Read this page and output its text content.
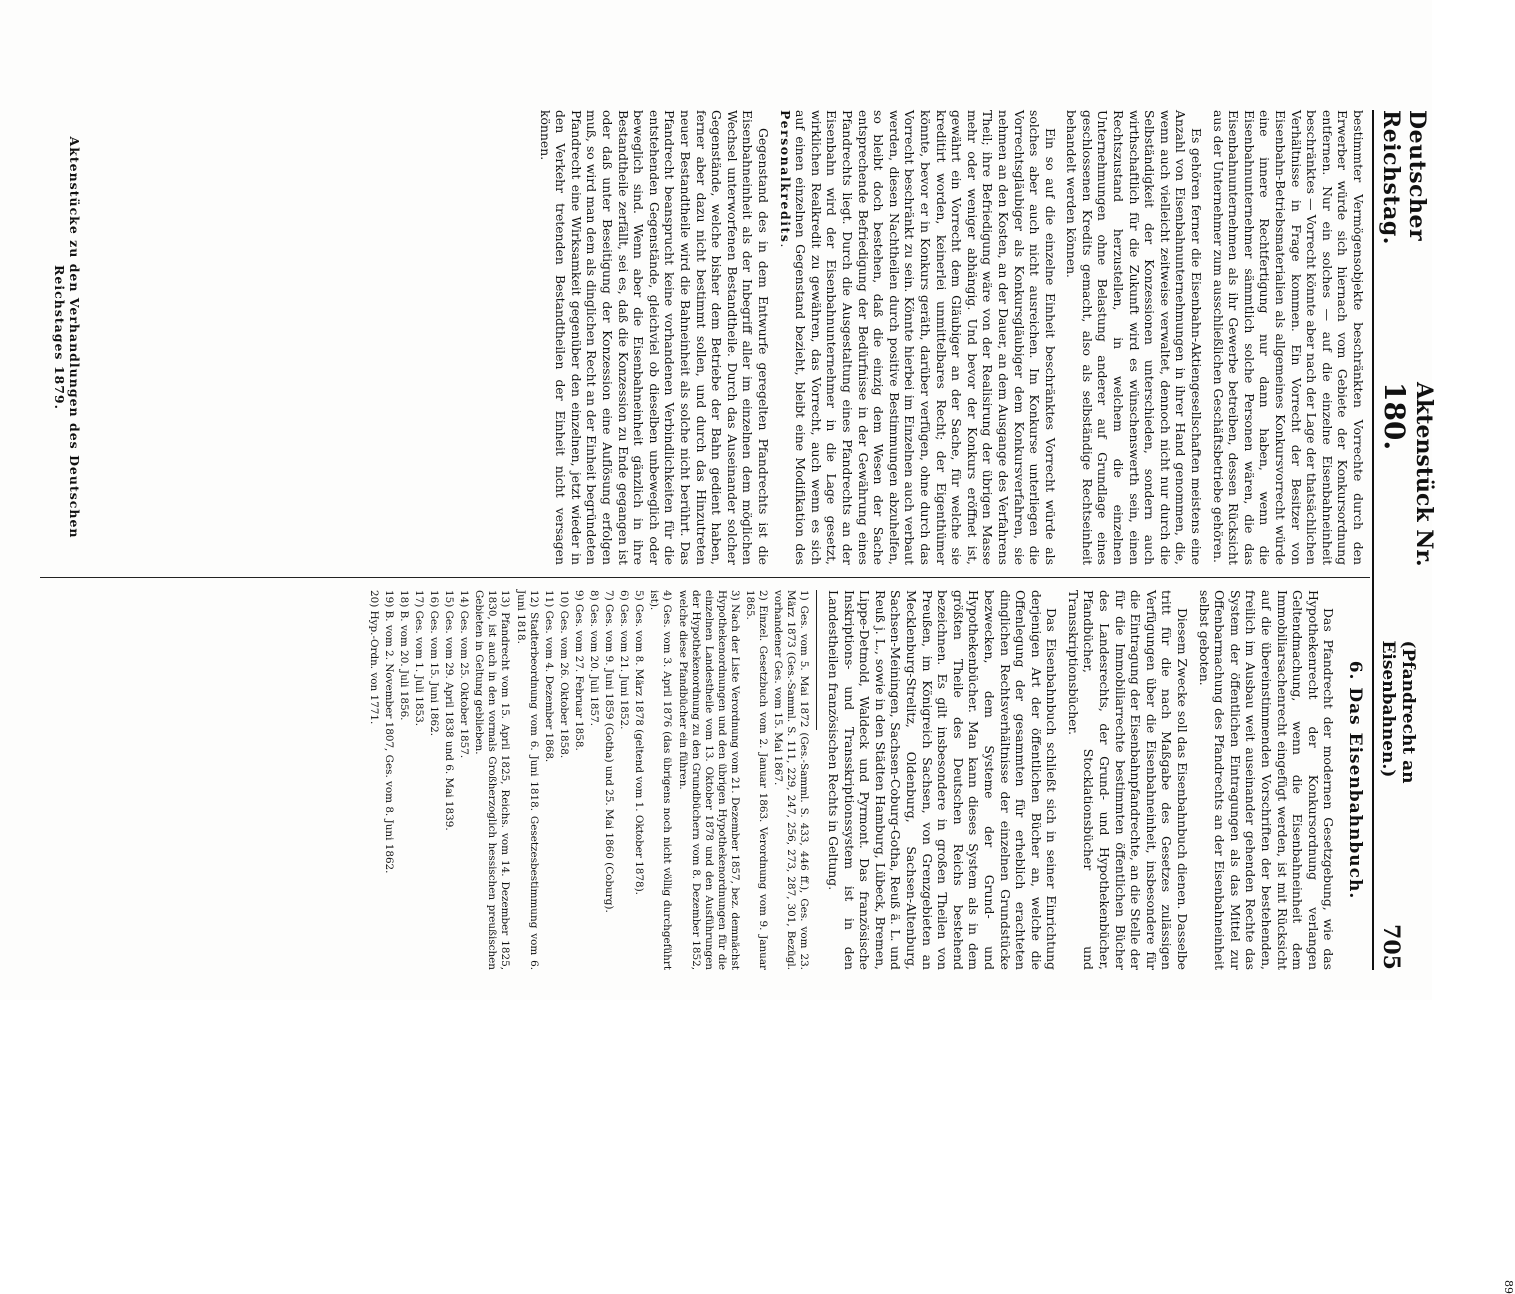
Deutscher Reichstag.
Aktenstück Nr. 180.
(Pfandrecht an Eisenbahnen.)
705

bestimmter Vermögensobjekte beschränkten Vorrechte durch den Erwerber würde sich hiernach vom Gebiete der Konkursordnung entfernen. Nur ein solches — auf die einzelne Eisenbahneinheit beschränktes — Vorrecht könnte aber nach der Lage der thatsächlichen Verhältnisse in Frage kommen. Ein Vorrecht der Besitzer von Eisenbahn-Betriebsmaterialien als allgemeines Konkursvorrecht würde eine innere Rechtfertigung nur dann haben, wenn die Eisenbahnunternehmer sämmtlich solche Personen wären, die das Eisenbahnunternehmen als ihr Gewerbe betreiben, dessen Rücksicht aus der Unternehmer zum ausschließlichen Geschäftsbetriebe gehören.

Es gehören ferner die Eisenbahn-Aktiengesellschaften meistens eine Anzahl von Eisenbahnunternehmungen in ihrer Hand genommen, die, wenn auch vielleicht zeitweise verwaltet, dennoch nicht nur durch die Selbständigkeit der Konzessionen unterschieden, sondern auch wirthschaftlich für die Zukunft wird es wünschenswerth sein, einen Rechtszustand herzustellen, in welchem die einzelnen Unternehmungen ohne Belastung anderer auf Grundlage eines geschlossenen Kredits gemacht, also als selbständige Rechtseinheit behandelt werden können.

Ein so auf die einzelne Einheit beschränktes Vorrecht würde als solches aber auch nicht ausreichen. Im Konkurse unterliegen die Vorrechtsgläubiger als Konkursgläubiger dem Konkursverfahren, sie nehmen an den Kosten, an der Dauer, an dem Ausgange des Verfahrens Theil; ihre Befriedigung wäre von der Realisirung der übrigen Masse mehr oder weniger abhängig. Und bevor der Konkurs eröffnet ist, gewährt ein Vorrecht dem Gläubiger an der Sache, für welche sie kreditirt worden, keinerlei unmittelbares Recht; der Eigenthümer könnte, bevor er in Konkurs geräth, darüber verfügen, ohne durch das Vorrecht beschränkt zu sein. Könnte hierbei im Einzelnen auch verbaut werden, diesen Nachtheilen durch positive Bestimmungen abzuhelfen, so bleibt doch bestehen, daß die einzig dem Wesen der Sache entsprechende Befriedigung der Bedürfnisse in der Gewährung eines Pfandrechts liegt. Durch die Ausgestaltung eines Pfandrechts an der Eisenbahn wird der Eisenbahnunternehmer in die Lage gesetzt, wirklichen Realkredit zu gewähren, das Vorrecht, auch wenn es sich auf einen einzelnen Gegenstand bezieht, bleibt eine Modifikation des Personalkredits.

Gegenstand des in dem Entwurfe geregelten Pfandrechts ist die Eisenbahneinheit als der Inbegriff aller im einzelnen dem möglichen Wechsel unterworfenen Bestandtheile. Durch das Auseinander solcher Gegenstände, welche bisher dem Betriebe der Bahn gedient haben, ferner aber dazu nicht bestimmt sollen, und durch das Hinzutreten neuer Bestandtheile wird die Bahneinheit als solche nicht berührt. Das Pfandrecht beansprucht keine vorhandenen Verbindlichkeiten für die entstehenden Gegenstände, gleichviel ob dieselben unbeweglich oder beweglich sind. Wenn aber die Eisenbahneinheit gänzlich in ihre Bestandtheile zerfällt, sei es, daß die Konzession zu Ende gegangen ist oder daß unter Beseitigung der Konzession eine Auflösung erfolgen muß, so wird man dem als dinglichen Recht an der Einheit begründeten Pfandrecht eine Wirksamkeit gegenüber den einzelnen, jetzt wieder in den Verkehr tretenden Bestandtheilen der Einheit nicht versagen können.

6. Das Eisenbahnbuch.

Das Pfandrecht der modernen Gesetzgebung, wie das Hypothekenrecht der Konkursordnung verlangen Geltendmachung, wenn die Eisenbahneinheit dem Immobiliarsachenrecht eingefügt werden, ist mit Rücksicht auf die übereinstimmenden Vorschriften der bestehenden, freilich im Ausbau weit auseinander gehenden Rechte das System der öffentlichen Eintragungen als das Mittel zur Offenbarmachung des Pfandrechts an der Eisenbahneinheit selbst geboten.

Diesem Zwecke soll das Eisenbahnbuch dienen. Dasselbe tritt für die nach Maßgabe des Gesetzes zulässigen Verfügungen über die Eisenbahneinheit, insbesondere für die Eintragung der Eisenbahnpfandrechte, an die Stelle der für die Immobiliarrechte bestimmten öffentlichen Bücher des Landesrechts, der Grund- und Hypothekenbücher, Pfandbücher, Stocklationsbücher und Transskriptionsbücher.

Das Eisenbahnbuch schließt sich in seiner Einrichtung derjenigen Art der öffentlichen Bücher an, welche die Offenlegung der gesammten für erheblich erachteten dinglichen Rechtsverhältnisse der einzelnen Grundstücke bezwecken, dem Systeme der Grund- und Hypothekenbücher. Man kann dieses System als in dem größten Theile des Deutschen Reichs bestehend bezeichnen. Es gilt insbesondere in großen Theilen von Preußen, im Königreich Sachsen, von Grenzgebieten an Mecklenburg-Strelitz, Oldenburg, Sachsen-Altenburg, Sachsen-Meiningen, Sachsen-Coburg-Gotha, Reuß ä. L. und Reuß j. L., sowie in den Städten Hamburg, Lübeck, Bremen, Lippe-Detmold, Waldeck und Pyrmont. Das französische Inskriptions- und Transskriptionssystem ist in den Landestheilen französischen Rechts in Geltung.

1) Ges. vom 5. Mai 1872 (Ges.-Samml. S. 433, 446 ff.), Ges. vom 23. März 1873 (Ges.-Samml. S. 111, 229, 247, 256, 273, 287, 301, Bezügl. vorhandener Ges. vom 15. Mai 1867.

2) Einzel. Gesetzbuch vom 2. Januar 1863. Verordnung vom 9. Januar 1865.

3) Nach der Liste Verordnung vom 21. Dezember 1857, bez. demnächst Hypothekenordnungen und den übrigen Hypothekenordnungen für die einzelnen Landestheile vom 13. Oktober 1878 und den Ausführungen der Hypothekenordnung zu den Grundbüchern vom 8. Dezember 1852, welche diese Pfandbücher ein führen.

4) Ges. vom 3. April 1876 (das übrigens noch nicht völlig durchgeführt ist).

5) Ges. vom 8. März 1878 (geltend vom 1. Oktober 1878).

6) Ges. vom 21. Juni 1852.

7) Ges. vom 9. Juni 1859 (Gotha) und 25. Mai 1860 (Coburg).

8) Ges. vom 20. Juli 1857.

9) Ges. vom 27. Februar 1858.

10) Ges. vom 26. Oktober 1858.

11) Ges. vom 4. Dezember 1868.

12) Stadterbeordnung vom 6. Juni 1818. Gesetzesbestimmung vom 6. Juni 1818.

13) Pfandrecht vom 15. April 1825, Reichs. vom 14. Dezember 1825, 1830, ist auch in den vormals Großherzoglich hessischen preußischen Gebieten in Geltung geblieben.

14) Ges. vom 25. Oktober 1857.

15) Ges. vom 29. April 1838 und 6. Mai 1839.

16) Ges. vom 15. Juni 1862.

17) Ges. vom 1. Juli 1853.

18) B. vom 20. Juli 1856.

19) B. vom 2. November 1807, Ges. vom 8. Juni 1862.

20) Hyp.-Ordn. von 1771.

Aktenstücke zu den Verhandlungen des Deutschen Reichstages 1879.
89
